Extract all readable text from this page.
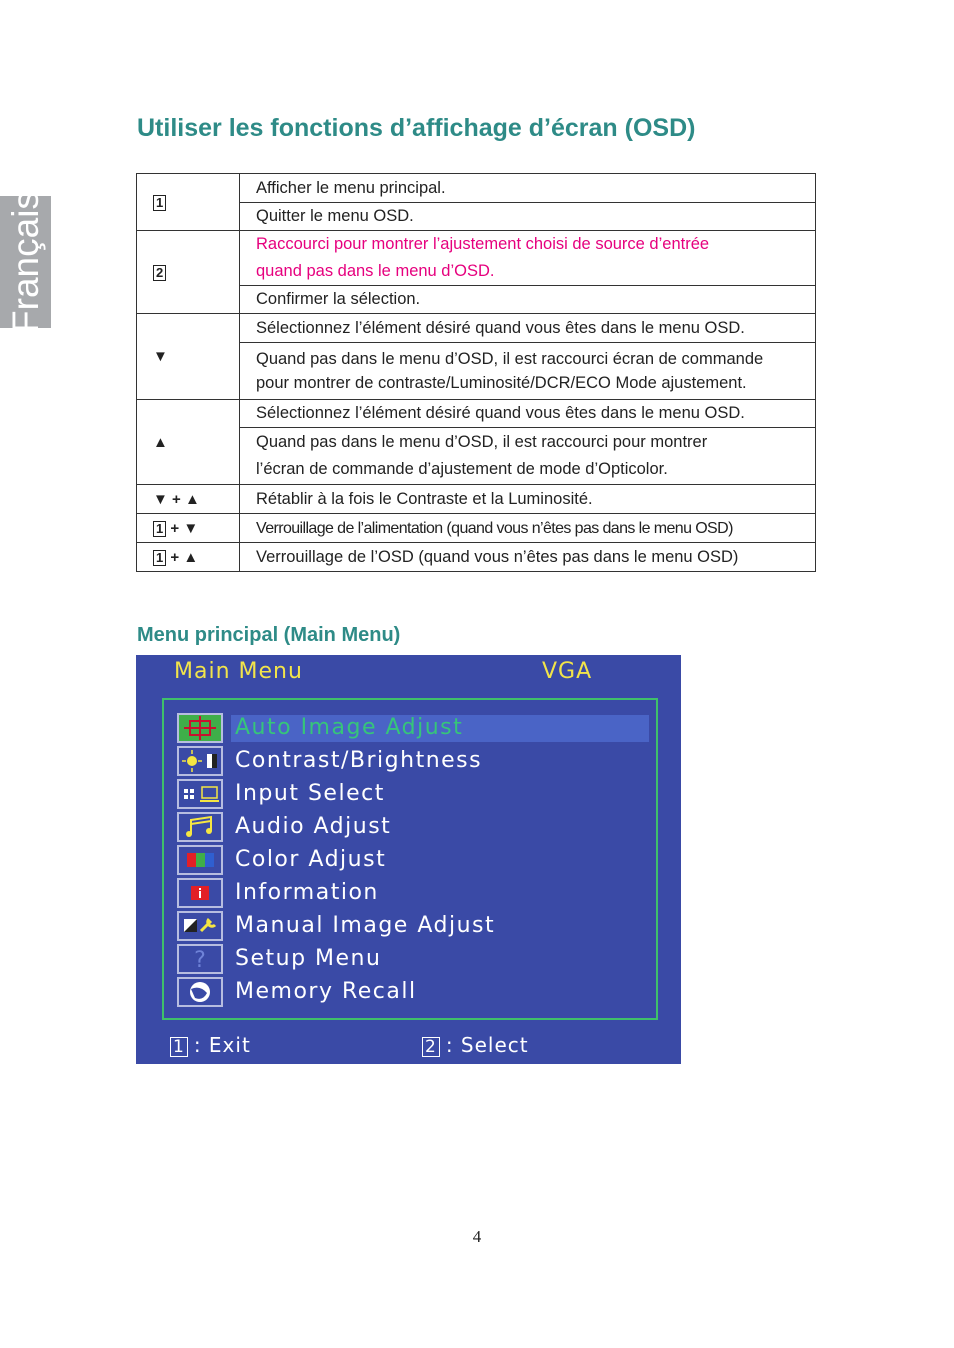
Français
Utiliser les fonctions d’affichage d’écran (OSD)
1	Afficher le menu principal.
	Quitter le menu OSD.
2	Raccourci pour montrer l’ajustement choisi de source d’entrée
quand pas dans le menu d’OSD.

	Confirmer la sélection.
▼	Sélectionnez l’élément désiré quand vous êtes dans le menu OSD.

	Quand pas dans le menu d’OSD, il est raccourci écran de commande
pour montrer de contraste/Luminosité/DCR/ECO Mode ajustement.

▲	Sélectionnez l’élément désiré quand vous êtes dans le menu OSD.

	Quand pas dans le menu d’OSD, il est raccourci pour montrer
l’écran de commande d’ajustement de mode d’Opticolor.

▼ + ▲	Rétablir à la fois le Contraste et la Luminosité.
1 + ▼	Verrouillage de l’alimentation (quand vous n’êtes pas dans le menu OSD)
1 + ▲	Verrouillage de l’OSD (quand vous n’êtes pas dans le menu OSD)
Menu principal (Main Menu)
Main Menu	VGA
Auto Image Adjust
Contrast/Brightness
Input Select
Audio Adjust
Color Adjust
Information
Manual Image Adjust
? Setup Menu
Memory Recall
1 : Exit	2 : Select
4
